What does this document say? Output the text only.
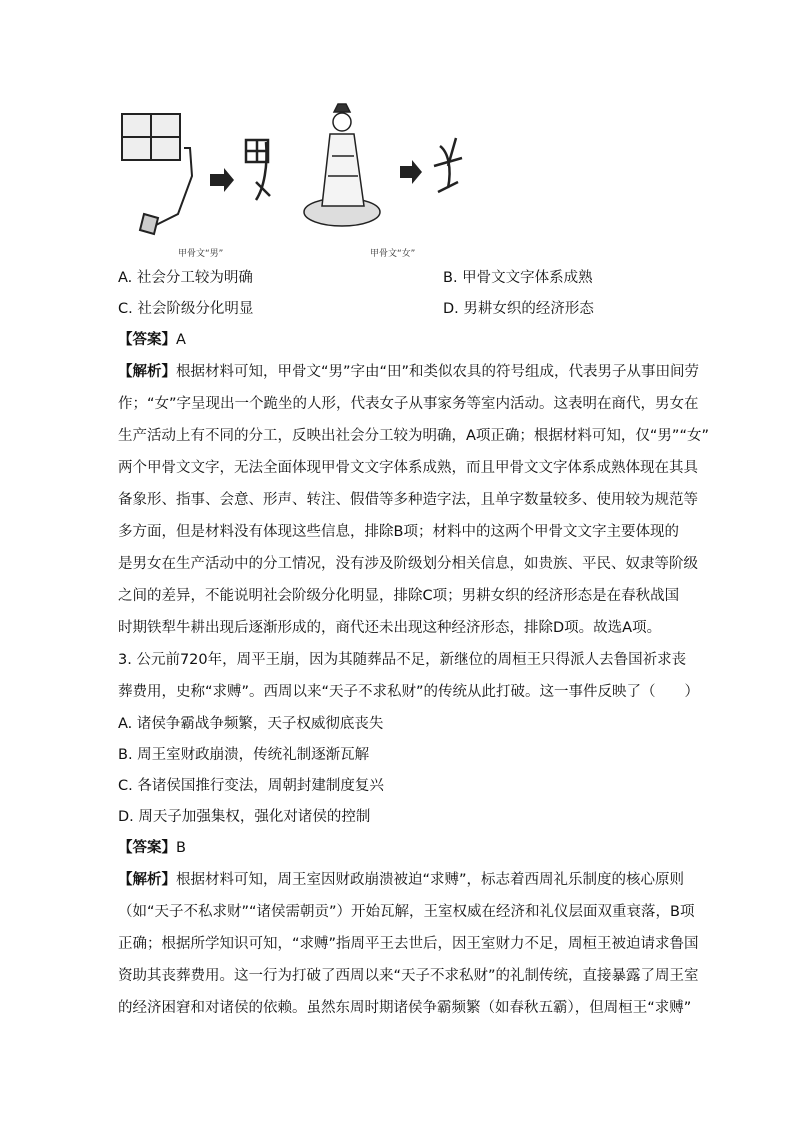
甲骨文“男”	甲骨文“女”
A. 社会分工较为明确	B. 甲骨文文字体系成熟
C. 社会阶级分化明显	D. 男耕女织的经济形态
【答案】A
【解析】根据材料可知，甲骨文“男”字由“田”和类似农具的符号组成，代表男子从事田间劳
作；“女”字呈现出一个跪坐的人形，代表女子从事家务等室内活动。这表明在商代，男女在
生产活动上有不同的分工，反映出社会分工较为明确，A项正确；根据材料可知，仅“男”“女”
两个甲骨文文字，无法全面体现甲骨文文字体系成熟，而且甲骨文文字体系成熟体现在其具
备象形、指事、会意、形声、转注、假借等多种造字法，且单字数量较多、使用较为规范等
多方面，但是材料没有体现这些信息，排除B项；材料中的这两个甲骨文文字主要体现的
是男女在生产活动中的分工情况，没有涉及阶级划分相关信息，如贵族、平民、奴隶等阶级
之间的差异，不能说明社会阶级分化明显，排除C项；男耕女织的经济形态是在春秋战国
时期铁犁牛耕出现后逐渐形成的，商代还未出现这种经济形态，排除D项。故选A项。
3. 公元前720年，周平王崩，因为其随葬品不足，新继位的周桓王只得派人去鲁国祈求丧
葬费用，史称“求赙”。西周以来“天子不求私财”的传统从此打破。这一事件反映了（　　）
A. 诸侯争霸战争频繁，天子权威彻底丧失
B. 周王室财政崩溃，传统礼制逐渐瓦解
C. 各诸侯国推行变法，周朝封建制度复兴
D. 周天子加强集权，强化对诸侯的控制
【答案】B
【解析】根据材料可知，周王室因财政崩溃被迫“求赙”，标志着西周礼乐制度的核心原则
（如“天子不私求财”“诸侯需朝贡”）开始瓦解，王室权威在经济和礼仪层面双重衰落，B项
正确；根据所学知识可知，“求赙”指周平王去世后，因王室财力不足，周桓王被迫请求鲁国
资助其丧葬费用。这一行为打破了西周以来“天子不求私财”的礼制传统，直接暴露了周王室
的经济困窘和对诸侯的依赖。虽然东周时期诸侯争霸频繁（如春秋五霸），但周桓王“求赙”
